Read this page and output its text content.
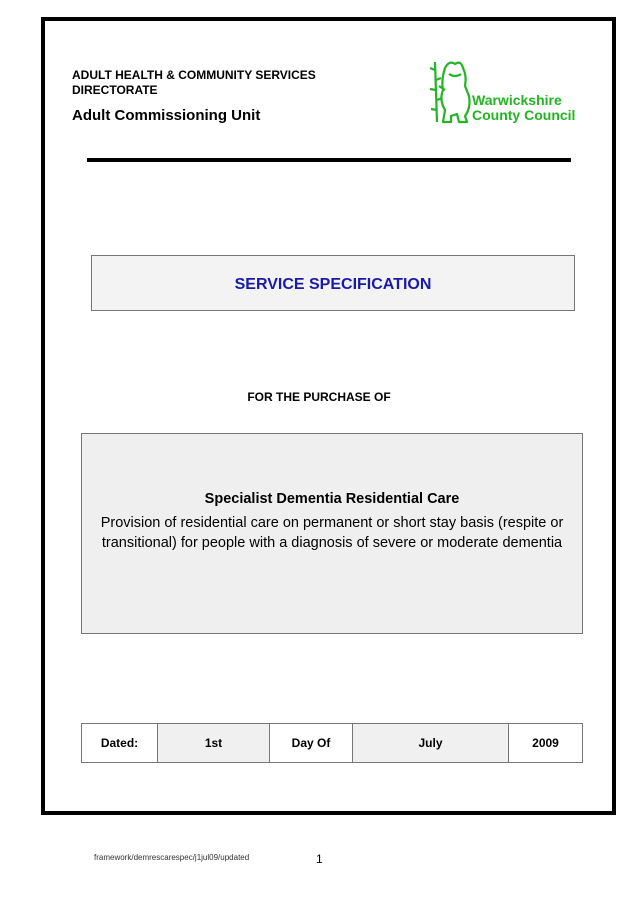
ADULT HEALTH & COMMUNITY SERVICES
DIRECTORATE
Adult Commissioning Unit
Warwickshire
County Council
SERVICE SPECIFICATION
FOR THE PURCHASE OF
Specialist Dementia Residential Care
Provision of residential care on permanent or short stay basis (respite or transitional) for people with a diagnosis of severe or moderate dementia
Dated:	1st	Day Of	July	2009
framework/demrescarespec/j1jul09/updated	1
